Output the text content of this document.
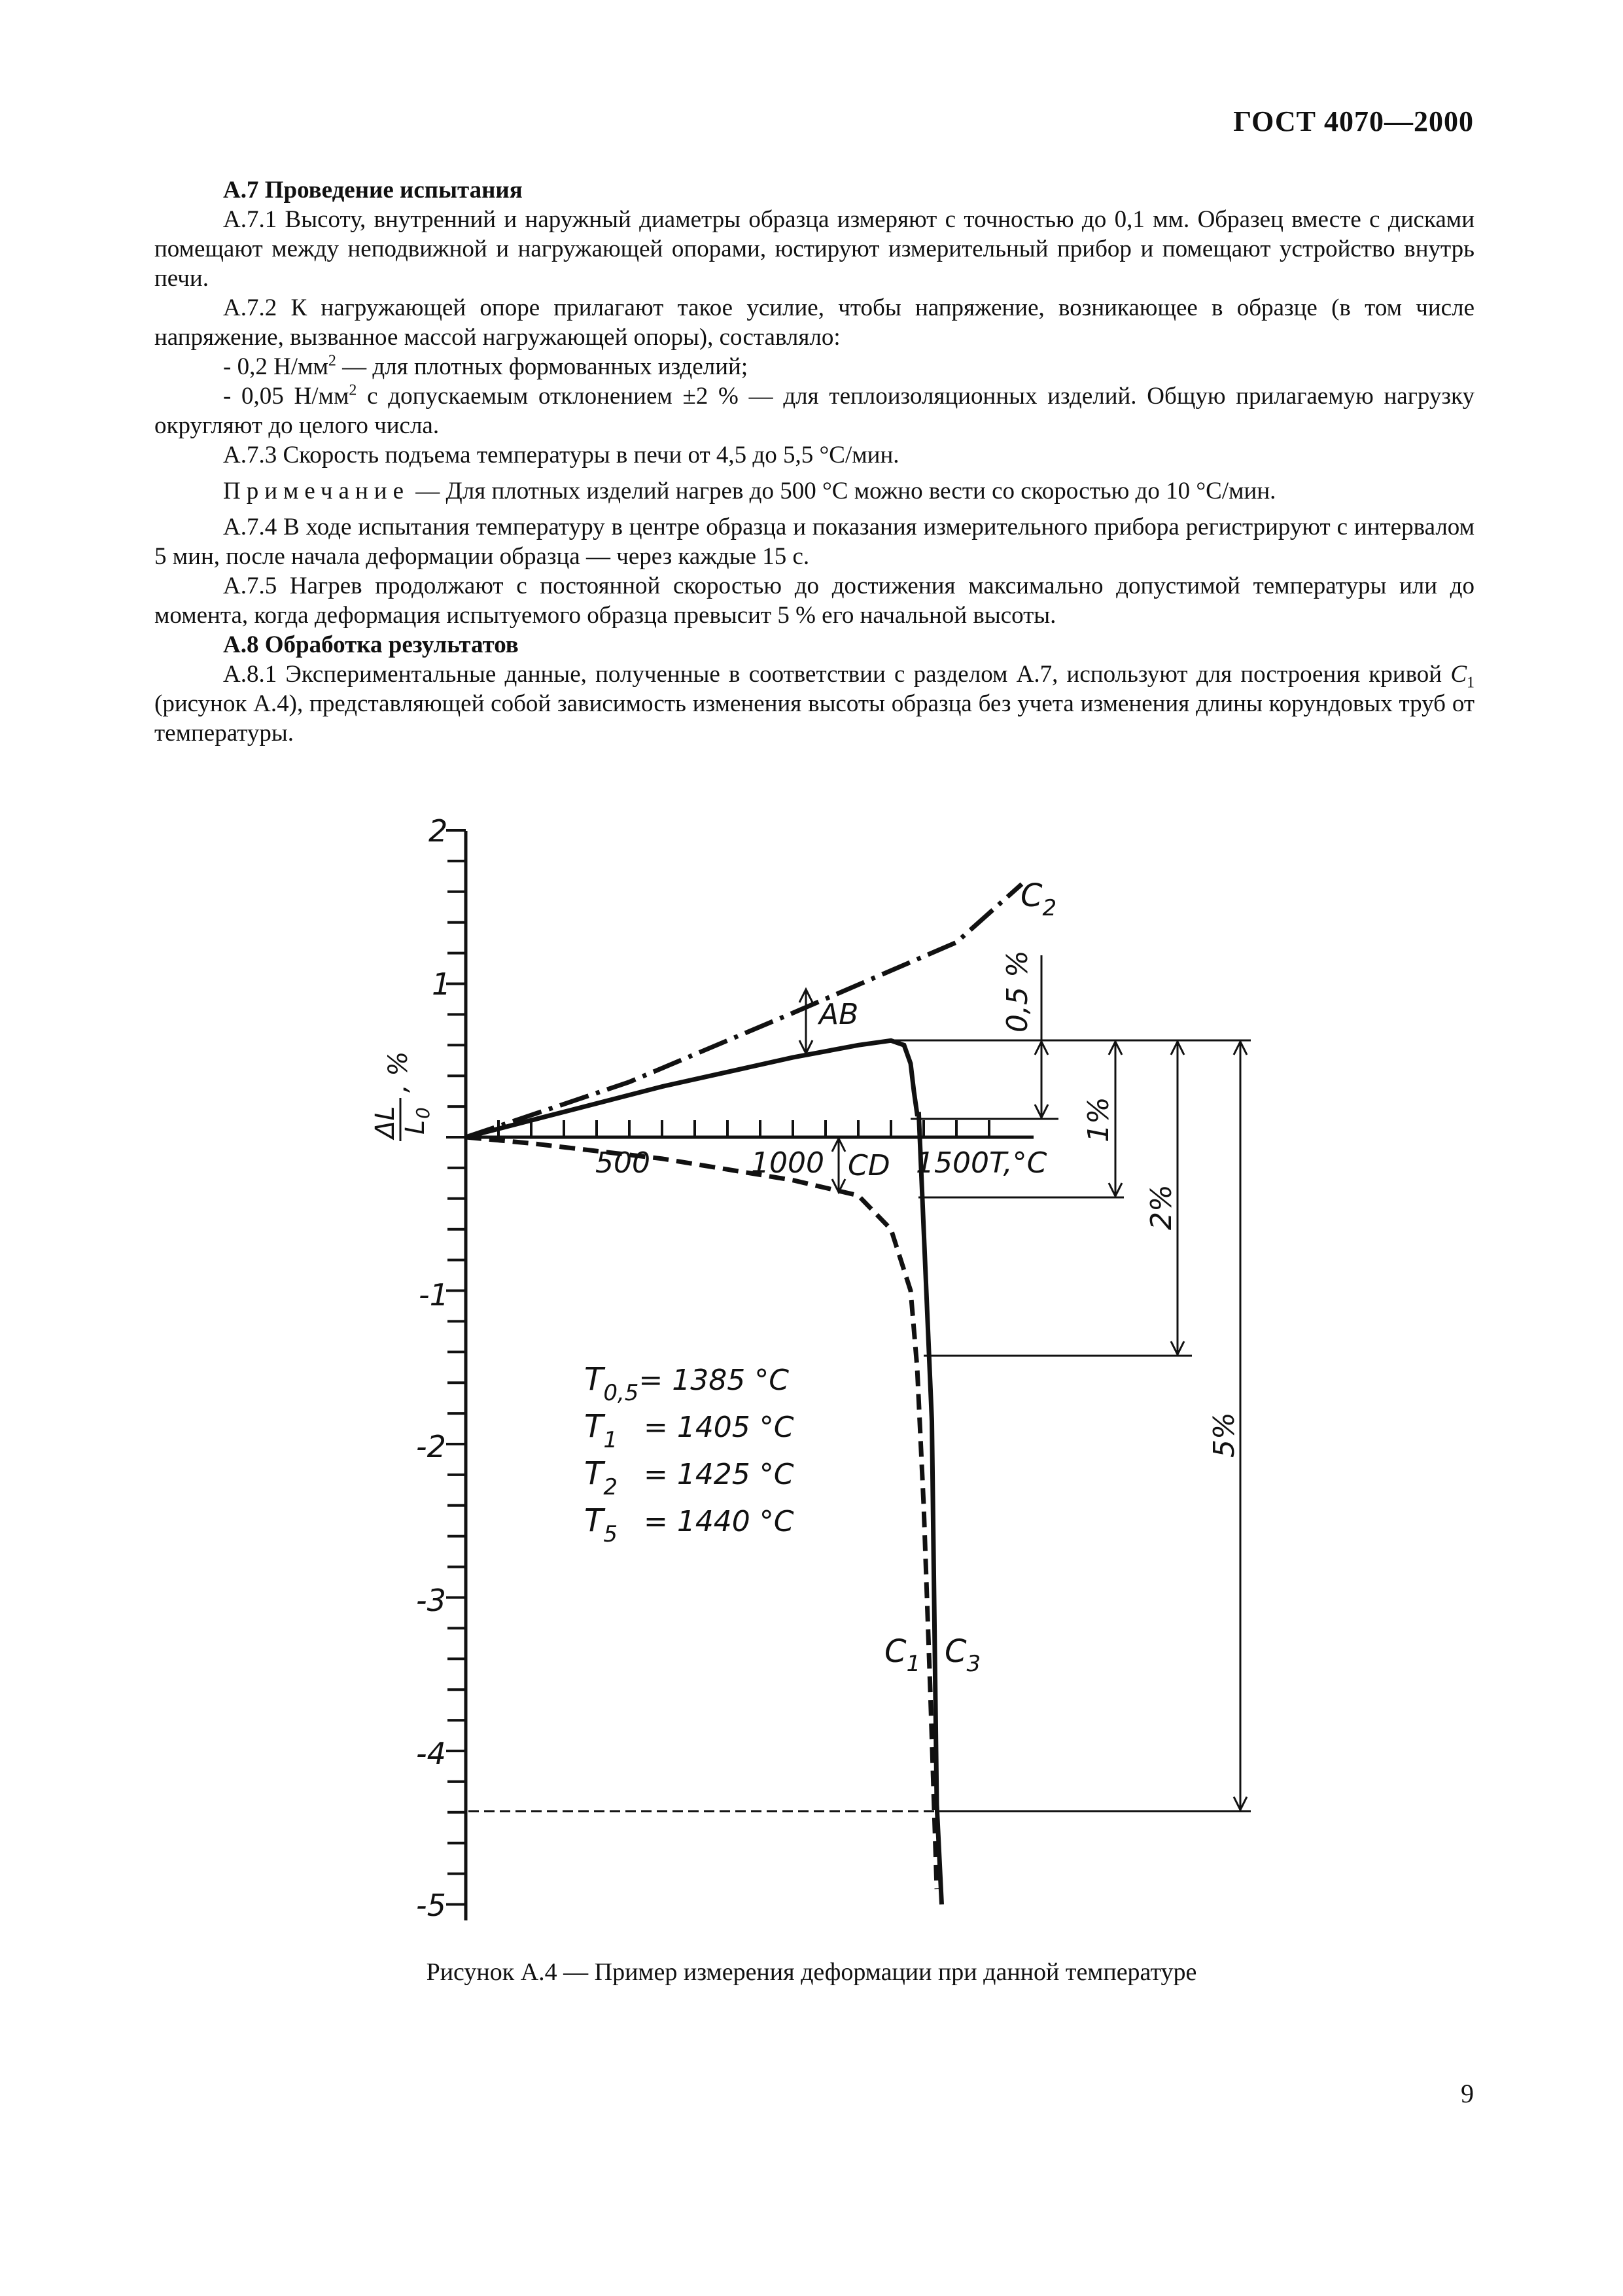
ГОСТ 4070—2000

А.7 Проведение испытания

А.7.1 Высоту, внутренний и наружный диаметры образца измеряют с точностью до 0,1 мм. Образец вместе с дисками помещают между неподвижной и нагружающей опорами, юстируют измерительный прибор и помещают устройство внутрь печи.

А.7.2 К нагружающей опоре прилагают такое усилие, чтобы напряжение, возникающее в образце (в том числе напряжение, вызванное массой нагружающей опоры), составляло:

- 0,2 $Н/мм^2$ — для плотных формованных изделий;

- 0,05 $Н/мм^2$ с допускаемым отклонением ±2 % — для теплоизоляционных изделий. Общую прилагаемую нагрузку округляют до целого числа.

А.7.3 Скорость подъема температуры в печи от 4,5 до 5,5 °С/мин.

Примечание — Для плотных изделий нагрев до 500 °С можно вести со скоростью до 10 °С/мин.

А.7.4 В ходе испытания температуру в центре образца и показания измерительного прибора регистрируют с интервалом 5 мин, после начала деформации образца — через каждые 15 с.

А.7.5 Нагрев продолжают с постоянной скоростью до достижения максимально допустимой температуры или до момента, когда деформация испытуемого образца превысит 5 % его начальной высоты.

А.8 Обработка результатов

А.8.1 Экспериментальные данные, полученные в соответствии с разделом А.7, используют для построения кривой $C_1$ (рисунок А.4), представляющей собой зависимость изменения высоты образца без учета изменения длины корундовых труб от температуры.

2
1
-1
-2
-3
-4
-5
500	1000	1500 T,°C
ΔL L
0
, %
$C_2$
$C_1$ $C_3$
AB
CD
0,5 %
1%
2%
5%
$T_{0,5}= 1385$ °C
$T_1 = 1405$ °C
$T_2 = 1425$ °C
$T_5 = 1440$ °C
Рисунок А.4 — Пример измерения деформации при данной температуре
9
